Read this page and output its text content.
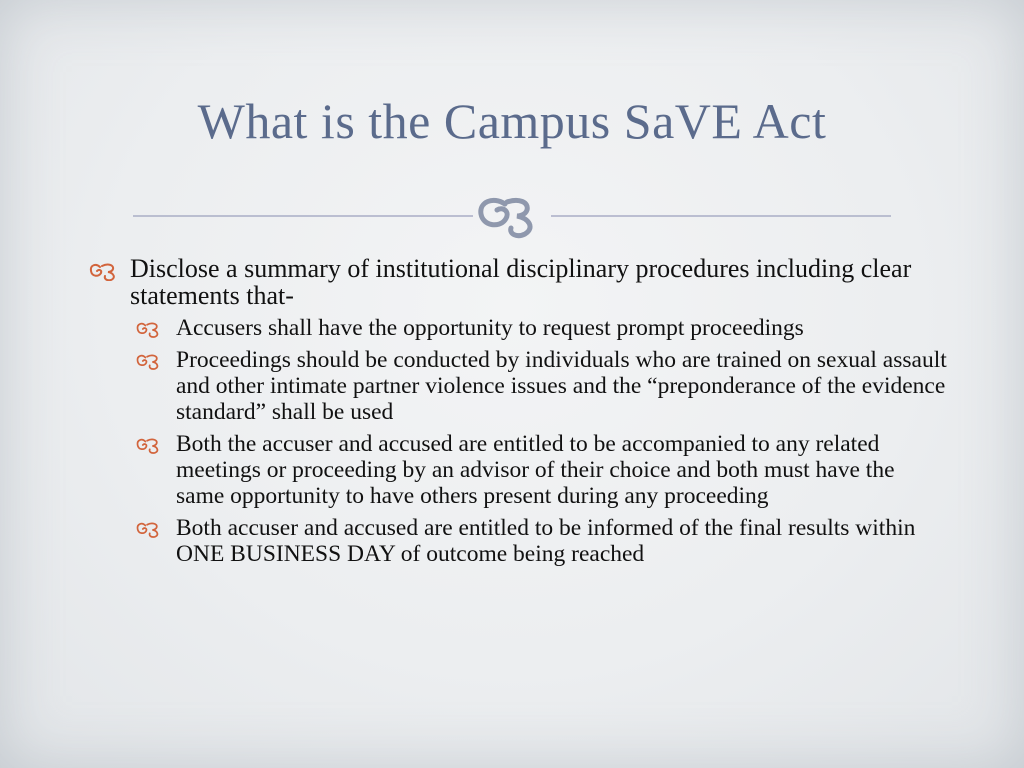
What is the Campus SaVE Act
Disclose a summary of institutional disciplinary procedures including clear statements that-
Accusers shall have the opportunity to request prompt proceedings
Proceedings should be conducted by individuals who are trained on sexual assault and other intimate partner violence issues and the “preponderance of the evidence standard” shall be used
Both the accuser and accused are entitled to be accompanied to any related meetings or proceeding by an advisor of their choice and both must have the same opportunity to have others present during any proceeding
Both accuser and accused are entitled to be informed of the final results within ONE BUSINESS DAY of outcome being reached
